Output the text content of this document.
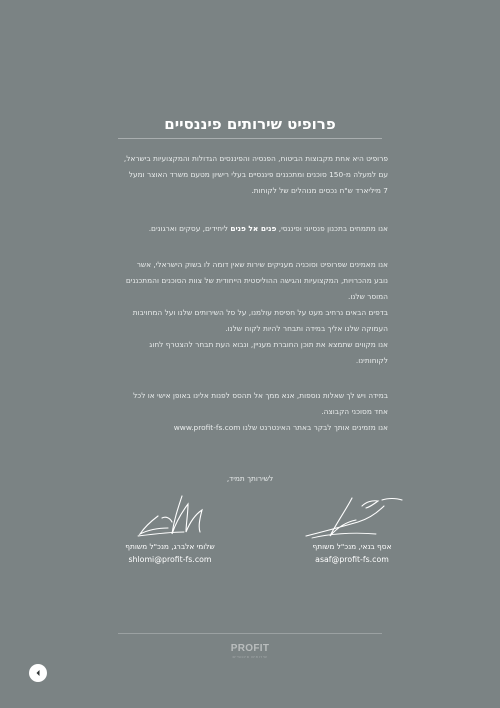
פרופיט שירותים פיננסיים

פרופיט היא אחת מקבוצות הביטוח, הפנסיה והפיננסים הגדולות והמקצועיות בישראל,

עם למעלה מ-150 סוכנים ומתכננים פיננסיים בעלי רישיון מטעם משרד האוצר ומעל

7 מיליארד ש"ח נכסים מנוהלים של לקוחות.

אנו מתמחים בתכנון פנסיוני ופיננסי, פנים אל פנים ליחידים, עסקים וארגונים.

אנו מאמינים שפרופיט וסוכניה מעניקים שירות שאין דומה לו בשוק הישראלי, אשר

נובע מהכרויות, המקצועיות והגישה ההוליסטית הייחודית של צוות הסוכנים והמתכננים

המוסר שלנו.

בדפים הבאים נרחיב מעט על חפיסת עולמנו, על סל השירותים שלנו ועל המחויבות

העמוקה שלנו אליך במידה ותבחר להיות לקוח שלנו.

אנו מקווים שתמצא את תוכן החוברת מעניין, ונבוא העת תבחר להצטרף לחוג

לקוחותינו.

במידה ויש לך שאלות נוספות, אנא ממך אל תהסס לפנות אלינו באופן אישי או לכל

אחד מסוכני הקבוצה.

אנו מזמינים אותך לבקר באתר האינטרנט שלנו www.profit-fs.com

לשירותך תמיד,
אסף בנאי, מנכ"ל משותף
asaf@profit-fs.com
שלומי אלברג, מנכ"ל משותף
shlomi@profit-fs.com
PROFIT
שירותים פיננסיים
